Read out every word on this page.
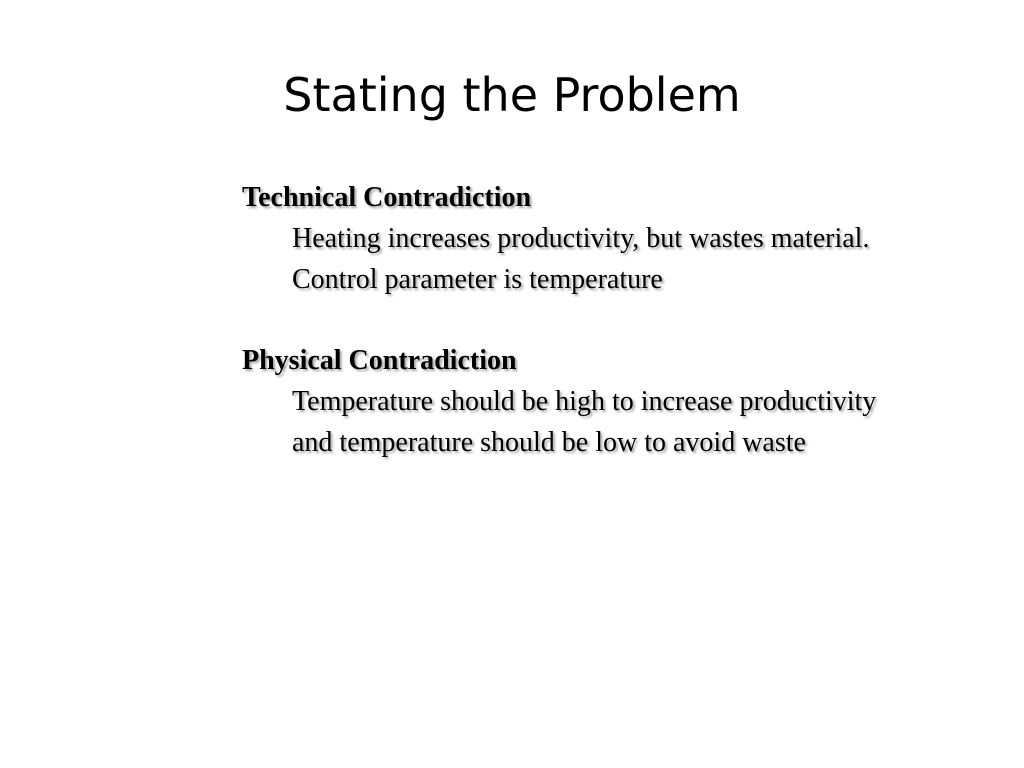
Stating the Problem

Technical Contradiction

Heating increases productivity, but wastes material.

Control parameter is temperature

Physical Contradiction

Temperature should be high to increase productivity and temperature should be low to avoid waste
